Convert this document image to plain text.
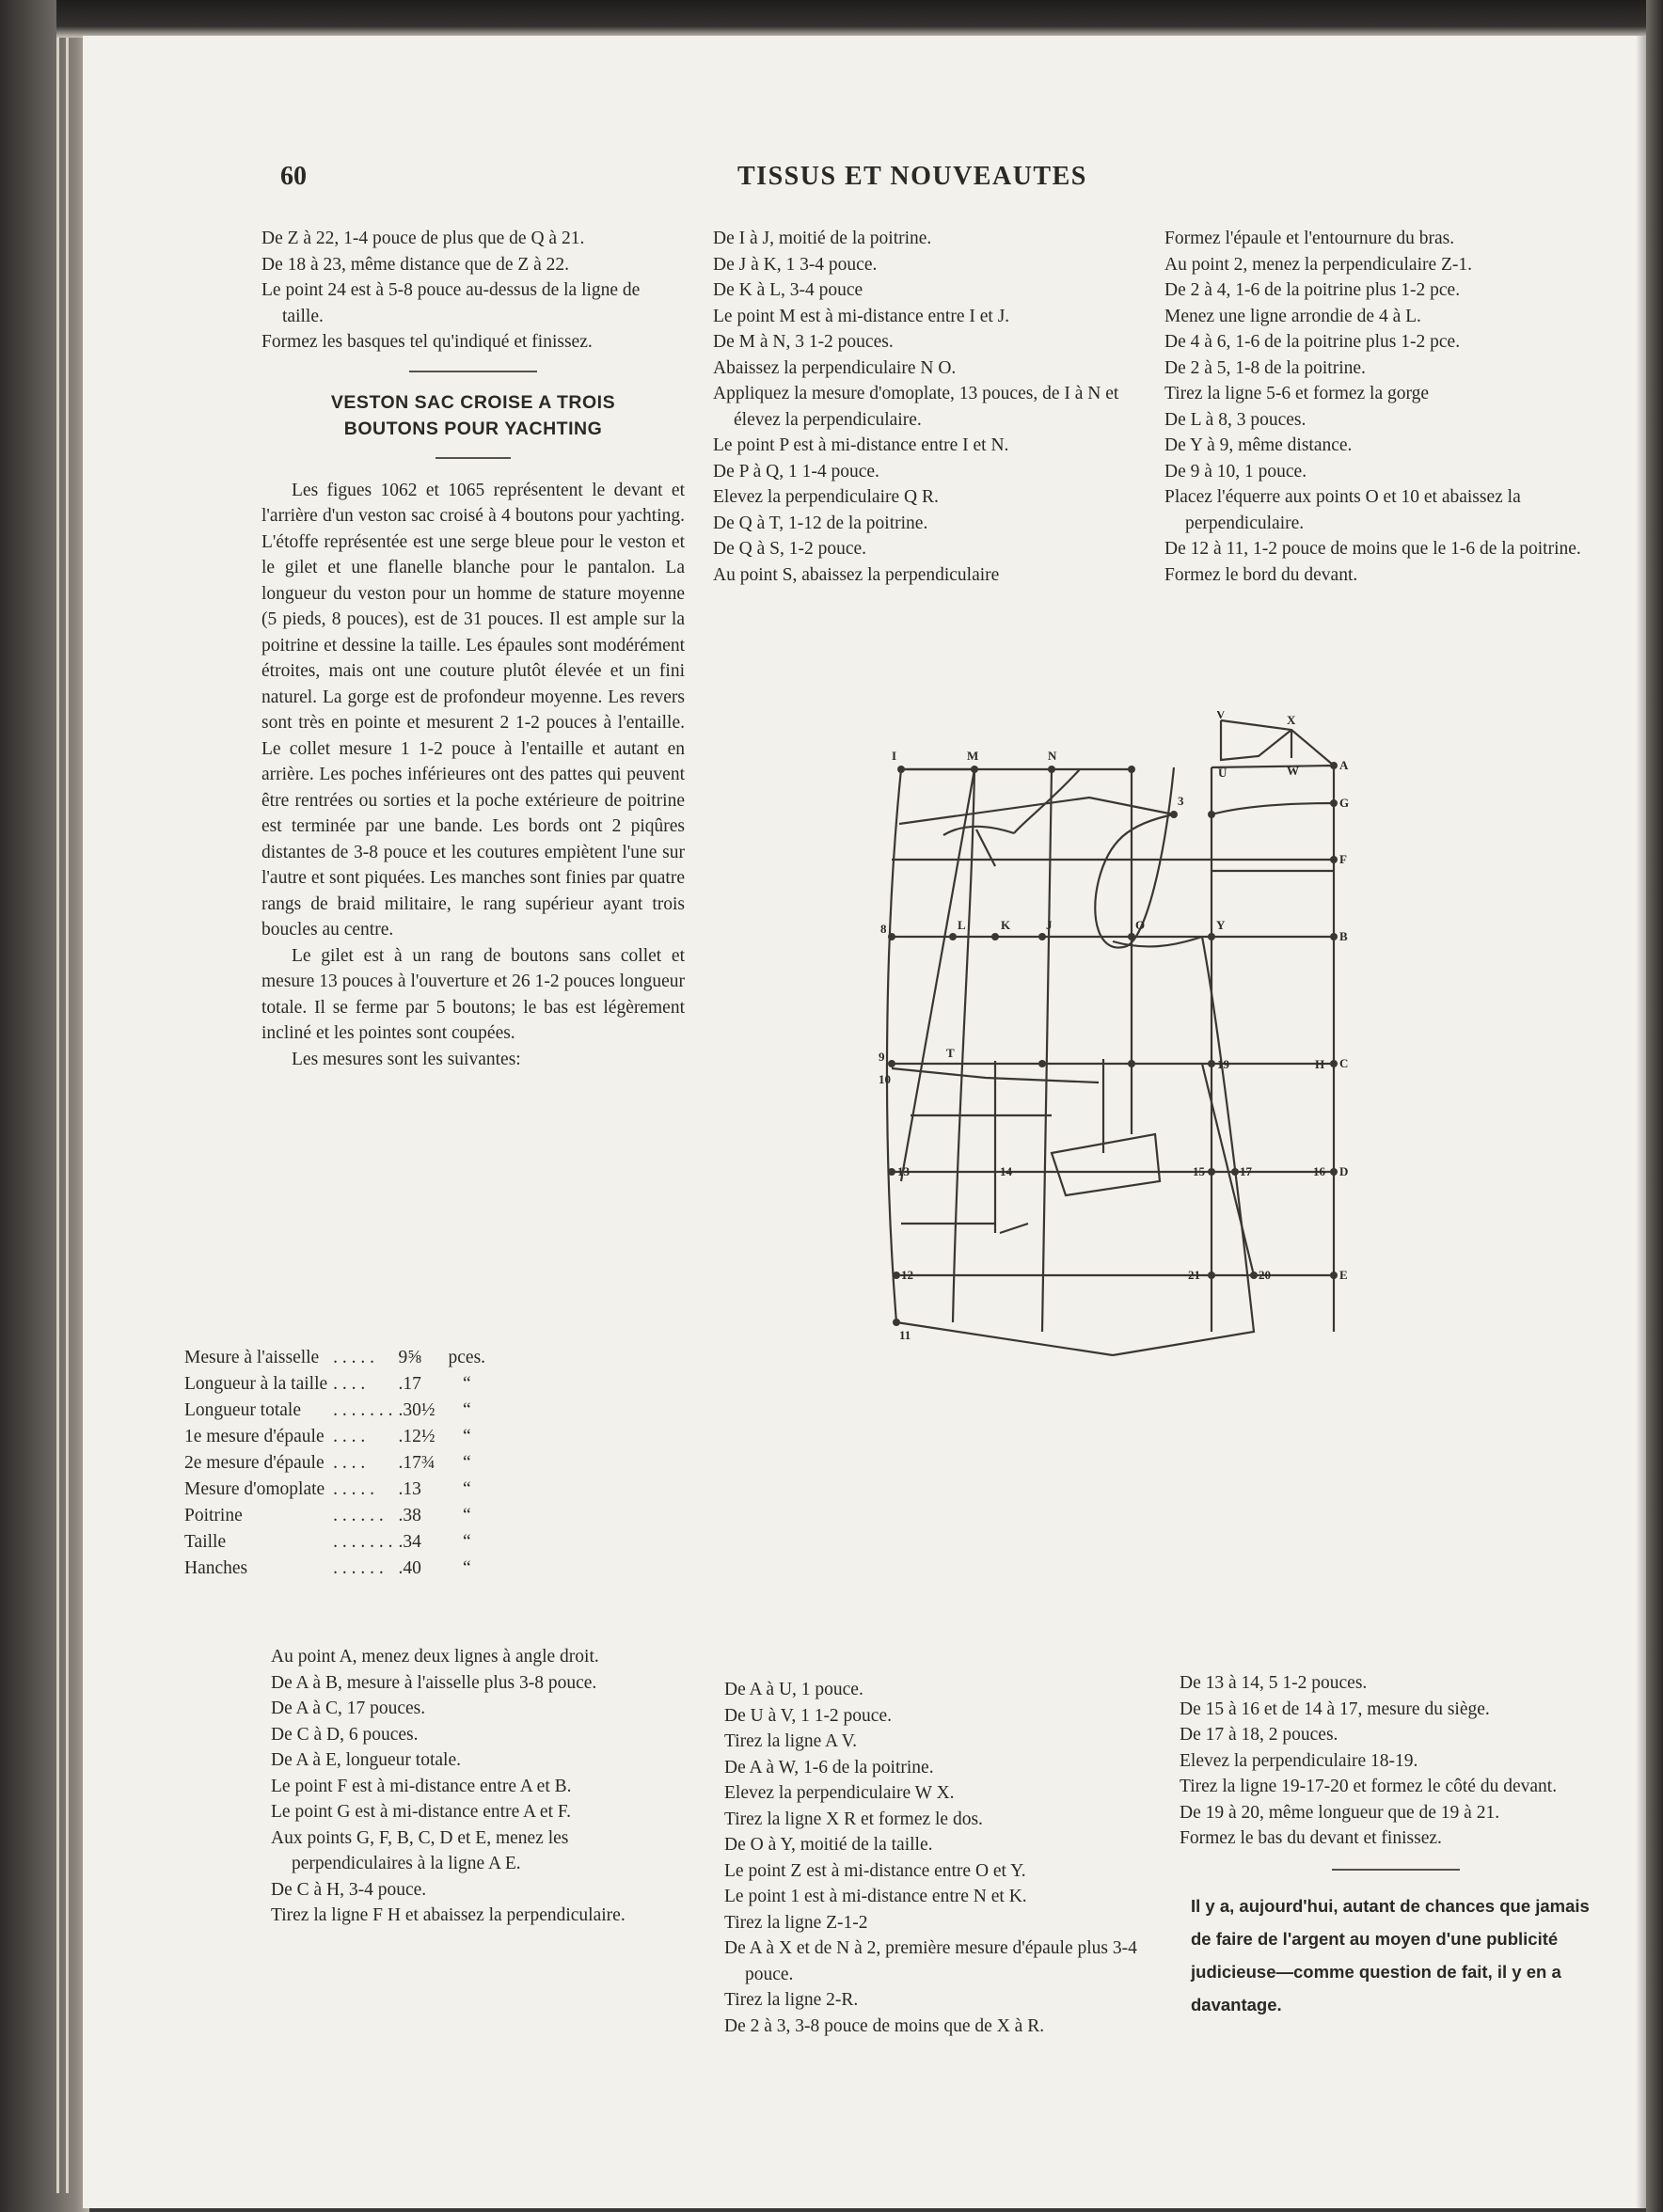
60	TISSUS ET NOUVEAUTES

De Z à 22, 1-4 pouce de plus que de Q à 21.

De 18 à 23, même distance que de Z à 22.

Le point 24 est à 5-8 pouce au-dessus de la ligne de taille.

Formez les basques tel qu'indiqué et finissez.

VESTON SAC CROISE A TROIS BOUTONS POUR YACHTING

Les figues 1062 et 1065 représentent le devant et l'arrière d'un veston sac croisé à 4 boutons pour yachting. L'étoffe représentée est une serge bleue pour le veston et le gilet et une flanelle blanche pour le pantalon. La longueur du veston pour un homme de stature moyenne (5 pieds, 8 pouces), est de 31 pouces. Il est ample sur la poitrine et dessine la taille. Les épaules sont modérément étroites, mais ont une couture plutôt élevée et un fini naturel. La gorge est de profondeur moyenne. Les revers sont très en pointe et mesurent 2 1-2 pouces à l'entaille. Le collet mesure 1 1-2 pouce à l'entaille et autant en arrière. Les poches inférieures ont des pattes qui peuvent être rentrées ou sorties et la poche extérieure de poitrine est terminée par une bande. Les bords ont 2 piqûres distantes de 3-8 pouce et les coutures empiètent l'une sur l'autre et sont piquées. Les manches sont finies par quatre rangs de braid militaire, le rang supérieur ayant trois boucles au centre.

Le gilet est à un rang de boutons sans collet et mesure 13 pouces à l'ouverture et 26 1-2 pouces longueur totale. Il se ferme par 5 boutons; le bas est légèrement incliné et les pointes sont coupées.

Les mesures sont les suivantes:

Mesure à l'aisselle	. . . . .	9⅝	pces.
Longueur à la taille	. . . .	.17	“
Longueur totale	. . . . . . .	.30½	“
1e mesure d'épaule	. . . .	.12½	“
2e mesure d'épaule	. . . .	.17¾	“
Mesure d'omoplate	. . . . .	.13	“
Poitrine	. . . . . .	.38	“
Taille	. . . . . . .	.34	“
Hanches	. . . . . .	.40	“

De I à J, moitié de la poitrine.

De J à K, 1 3-4 pouce.

De K à L, 3-4 pouce

Le point M est à mi-distance entre I et J.

De M à N, 3 1-2 pouces.

Abaissez la perpendiculaire N O.

Appliquez la mesure d'omoplate, 13 pouces, de I à N et élevez la perpendiculaire.

Le point P est à mi-distance entre I et N.

De P à Q, 1 1-4 pouce.

Elevez la perpendiculaire Q R.

De Q à T, 1-12 de la poitrine.

De Q à S, 1-2 pouce.

Au point S, abaissez la perpendiculaire

Formez l'épaule et l'entournure du bras.

Au point 2, menez la perpendiculaire Z-1.

De 2 à 4, 1-6 de la poitrine plus 1-2 pce.

Menez une ligne arrondie de 4 à L.

De 4 à 6, 1-6 de la poitrine plus 1-2 pce.

De 2 à 5, 1-8 de la poitrine.

Tirez la ligne 5-6 et formez la gorge

De L à 8, 3 pouces.

De Y à 9, même distance.

De 9 à 10, 1 pouce.

Placez l'équerre aux points O et 10 et abaissez la perpendiculaire.

De 12 à 11, 1-2 pouce de moins que le 1-6 de la poitrine.

Formez le bord du devant.

I	M	N
3
V	X
U	W	A
G
F
B
C
D
E
8	L	K	J	O	Y
9
10
T
19	H
13	14	15	17	16
12	21	20
11

Au point A, menez deux lignes à angle droit.

De A à B, mesure à l'aisselle plus 3-8 pouce.

De A à C, 17 pouces.

De C à D, 6 pouces.

De A à E, longueur totale.

Le point F est à mi-distance entre A et B.

Le point G est à mi-distance entre A et F.

Aux points G, F, B, C, D et E, menez les perpendiculaires à la ligne A E.

De C à H, 3-4 pouce.

Tirez la ligne F H et abaissez la perpendiculaire.

De A à U, 1 pouce.

De U à V, 1 1-2 pouce.

Tirez la ligne A V.

De A à W, 1-6 de la poitrine.

Elevez la perpendiculaire W X.

Tirez la ligne X R et formez le dos.

De O à Y, moitié de la taille.

Le point Z est à mi-distance entre O et Y.

Le point 1 est à mi-distance entre N et K.

Tirez la ligne Z-1-2

De A à X et de N à 2, première mesure d'épaule plus 3-4 pouce.

Tirez la ligne 2-R.

De 2 à 3, 3-8 pouce de moins que de X à R.

De 13 à 14, 5 1-2 pouces.

De 15 à 16 et de 14 à 17, mesure du siège.

De 17 à 18, 2 pouces.

Elevez la perpendiculaire 18-19.

Tirez la ligne 19-17-20 et formez le côté du devant.

De 19 à 20, même longueur que de 19 à 21.

Formez le bas du devant et finissez.

Il y a, aujourd'hui, autant de chances que jamais de faire de l'argent au moyen d'une publicité judicieuse—comme question de fait, il y en a davantage.
